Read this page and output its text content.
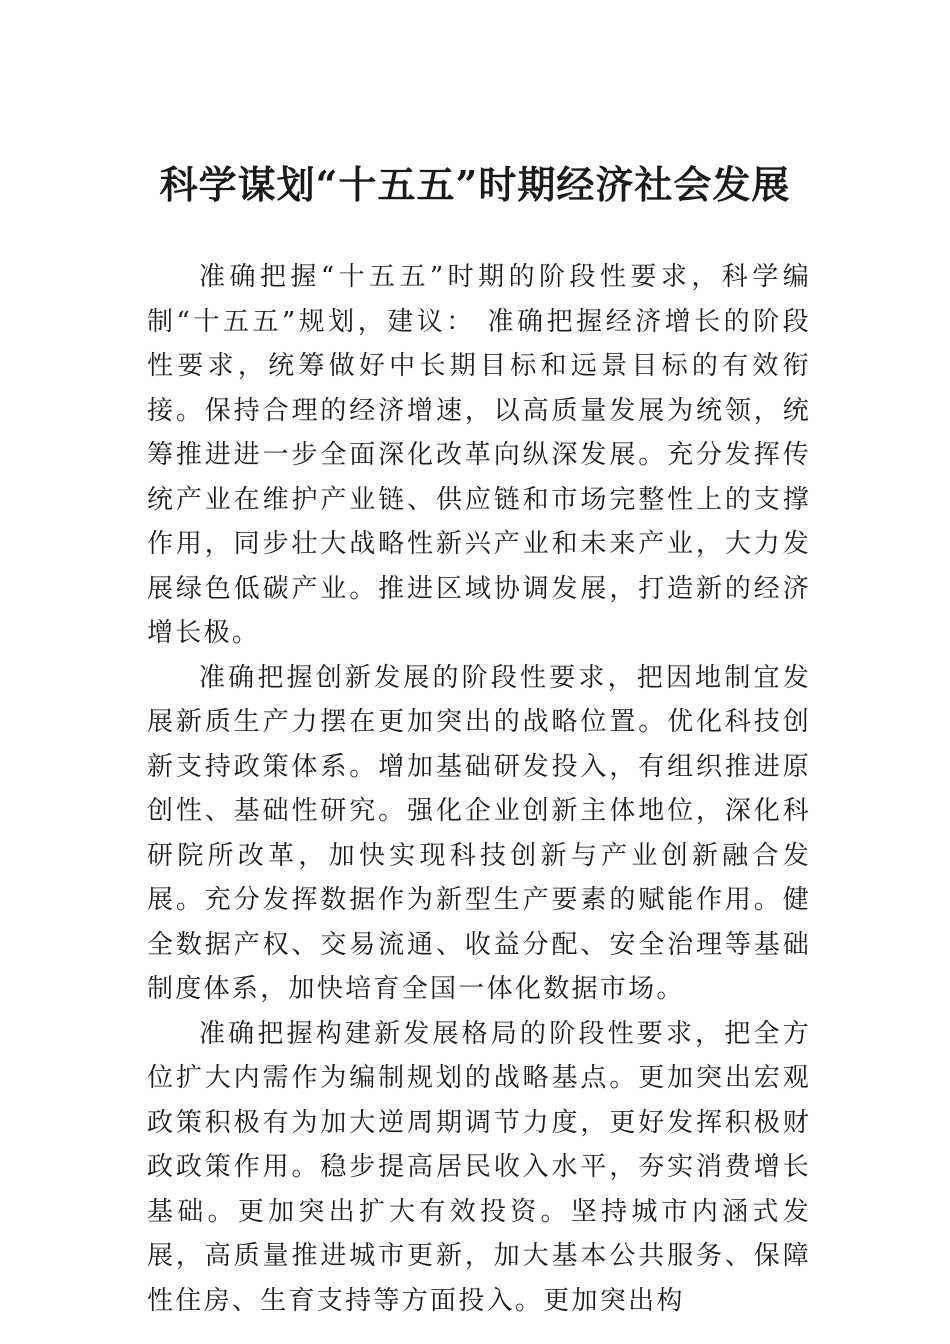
科学谋划“十五五”时期经济社会发展

准确把握“十五五”时期的阶段性要求，科学编制“十五五”规划，建议： 准确把握经济增长的阶段性要求，统筹做好中长期目标和远景目标的有效衔接。保持合理的经济增速，以高质量发展为统领，统筹推进进一步全面深化改革向纵深发展。充分发挥传统产业在维护产业链、供应链和市场完整性上的支撑作用，同步壮大战略性新兴产业和未来产业，大力发展绿色低碳产业。推进区域协调发展，打造新的经济增长极。

准确把握创新发展的阶段性要求，把因地制宜发展新质生产力摆在更加突出的战略位置。优化科技创新支持政策体系。增加基础研发投入，有组织推进原创性、基础性研究。强化企业创新主体地位，深化科研院所改革，加快实现科技创新与产业创新融合发展。充分发挥数据作为新型生产要素的赋能作用。健全数据产权、交易流通、收益分配、安全治理等基础制度体系，加快培育全国一体化数据市场。

准确把握构建新发展格局的阶段性要求，把全方位扩大内需作为编制规划的战略基点。更加突出宏观政策积极有为加大逆周期调节力度，更好发挥积极财政政策作用。稳步提高居民收入水平，夯实消费增长基础。更加突出扩大有效投资。坚持城市内涵式发展，高质量推进城市更新，加大基本公共服务、保障性住房、生育支持等方面投入。更加突出构
